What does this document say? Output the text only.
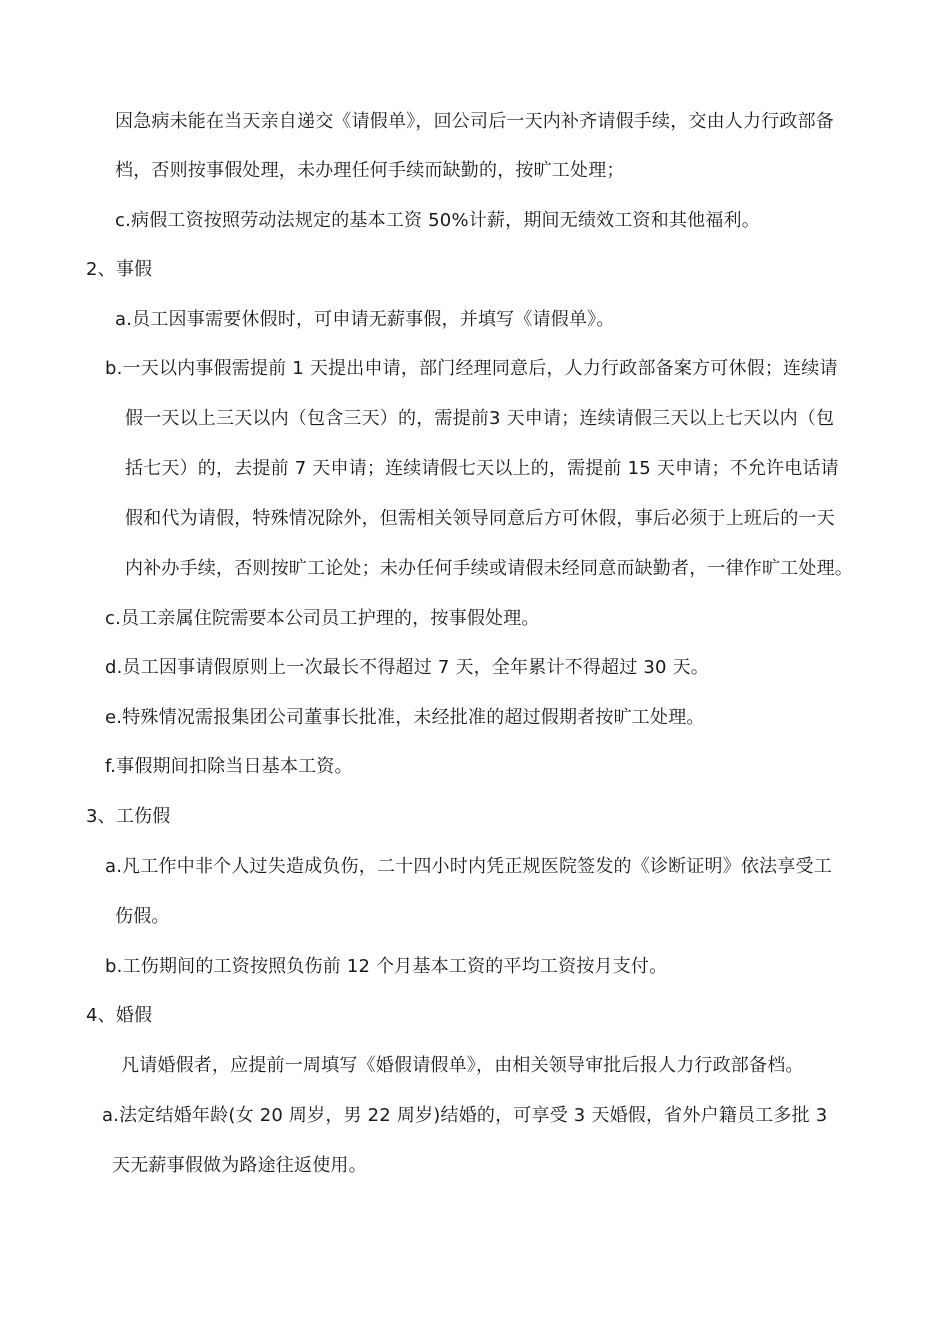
因急病未能在当天亲自递交《请假单》，回公司后一天内补齐请假手续，交由人力行政部备
档，否则按事假处理，未办理任何手续而缺勤的，按旷工处理；
c.病假工资按照劳动法规定的基本工资 50%计薪，期间无绩效工资和其他福利。
2、事假
a.员工因事需要休假时，可申请无薪事假，并填写《请假单》。
b.一天以内事假需提前 1 天提出申请，部门经理同意后，人力行政部备案方可休假；连续请
假一天以上三天以内（包含三天）的，需提前3 天申请；连续请假三天以上七天以内（包
括七天）的，去提前 7 天申请；连续请假七天以上的，需提前 15 天申请；不允许电话请
假和代为请假，特殊情况除外，但需相关领导同意后方可休假，事后必须于上班后的一天
内补办手续，否则按旷工论处；未办任何手续或请假未经同意而缺勤者，一律作旷工处理。
c.员工亲属住院需要本公司员工护理的，按事假处理。
d.员工因事请假原则上一次最长不得超过 7 天，全年累计不得超过 30 天。
e.特殊情况需报集团公司董事长批准，未经批准的超过假期者按旷工处理。
f.事假期间扣除当日基本工资。
3、工伤假
a.凡工作中非个人过失造成负伤，二十四小时内凭正规医院签发的《诊断证明》依法享受工
伤假。
b.工伤期间的工资按照负伤前 12 个月基本工资的平均工资按月支付。
4、婚假
凡请婚假者，应提前一周填写《婚假请假单》，由相关领导审批后报人力行政部备档。
a.法定结婚年龄(女 20 周岁，男 22 周岁)结婚的，可享受 3 天婚假，省外户籍员工多批 3
天无薪事假做为路途往返使用。
